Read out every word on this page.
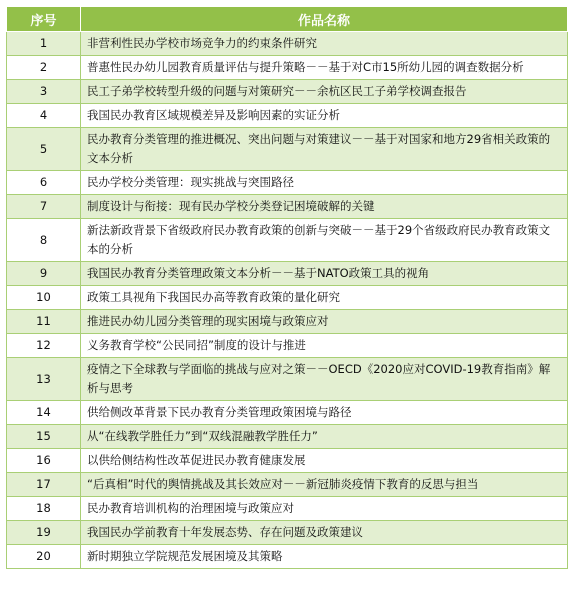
序号	作品名称
1	非营利性民办学校市场竞争力的约束条件研究
2	普惠性民办幼儿园教育质量评估与提升策略－－基于对C市15所幼儿园的调查数据分析
3	民工子弟学校转型升级的问题与对策研究－－余杭区民工子弟学校调查报告
4	我国民办教育区域规模差异及影响因素的实证分析
5	民办教育分类管理的推进概况、突出问题与对策建议－－基于对国家和地方29省相关政策的文本分析
6	民办学校分类管理：现实挑战与突围路径
7	制度设计与衔接：现有民办学校分类登记困境破解的关键
8	新法新政背景下省级政府民办教育政策的创新与突破－－基于29个省级政府民办教育政策文本的分析
9	我国民办教育分类管理政策文本分析－－基于NATO政策工具的视角
10	政策工具视角下我国民办高等教育政策的量化研究
11	推进民办幼儿园分类管理的现实困境与政策应对
12	义务教育学校“公民同招”制度的设计与推进
13	疫情之下全球教与学面临的挑战与应对之策－－OECD《2020应对COVID-19教育指南》解析与思考
14	供给侧改革背景下民办教育分类管理政策困境与路径
15	从“在线教学胜任力”到“双线混融教学胜任力”
16	以供给侧结构性改革促进民办教育健康发展
17	“后真相”时代的舆情挑战及其长效应对－－新冠肺炎疫情下教育的反思与担当
18	民办教育培训机构的治理困境与政策应对
19	我国民办学前教育十年发展态势、存在问题及政策建议
20	新时期独立学院规范发展困境及其策略
